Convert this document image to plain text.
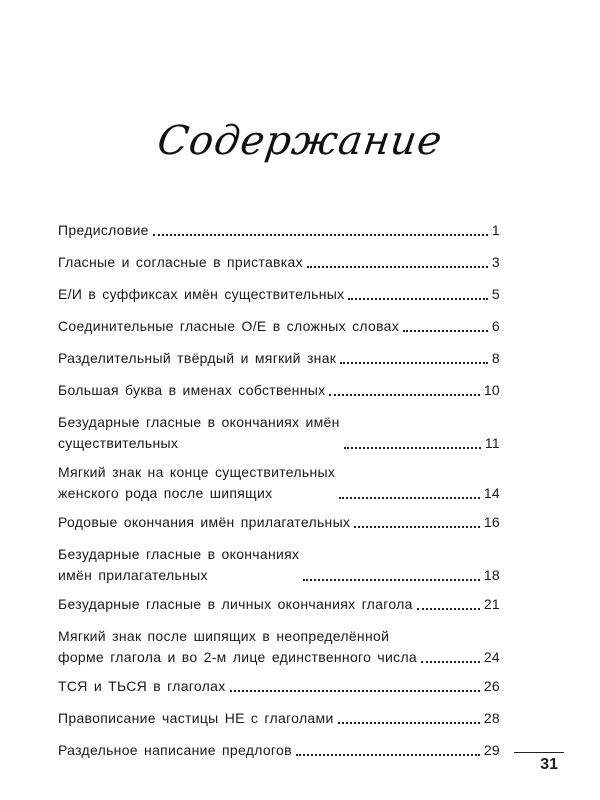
Содержание
Предисловие	1
Гласные и согласные в приставках	3
Е/И в суффиксах имён существительных	5
Соединительные гласные О/Е в сложных словах	6
Разделительный твёрдый и мягкий знак	8
Большая буква в именах собственных	10
Безударные гласные в окончаниях имён
существительных	11
Мягкий знак на конце существительных
женского рода после шипящих	14
Родовые окончания имён прилагательных	16
Безударные гласные в окончаниях
имён прилагательных	18
Безударные гласные в личных окончаниях глагола	21
Мягкий знак после шипящих в неопределённой
форме глагола и во 2-м лице единственного числа	24
ТСЯ и ТЬСЯ в глаголах	26
Правописание частицы НЕ с глаголами	28
Раздельное написание предлогов	29
31
